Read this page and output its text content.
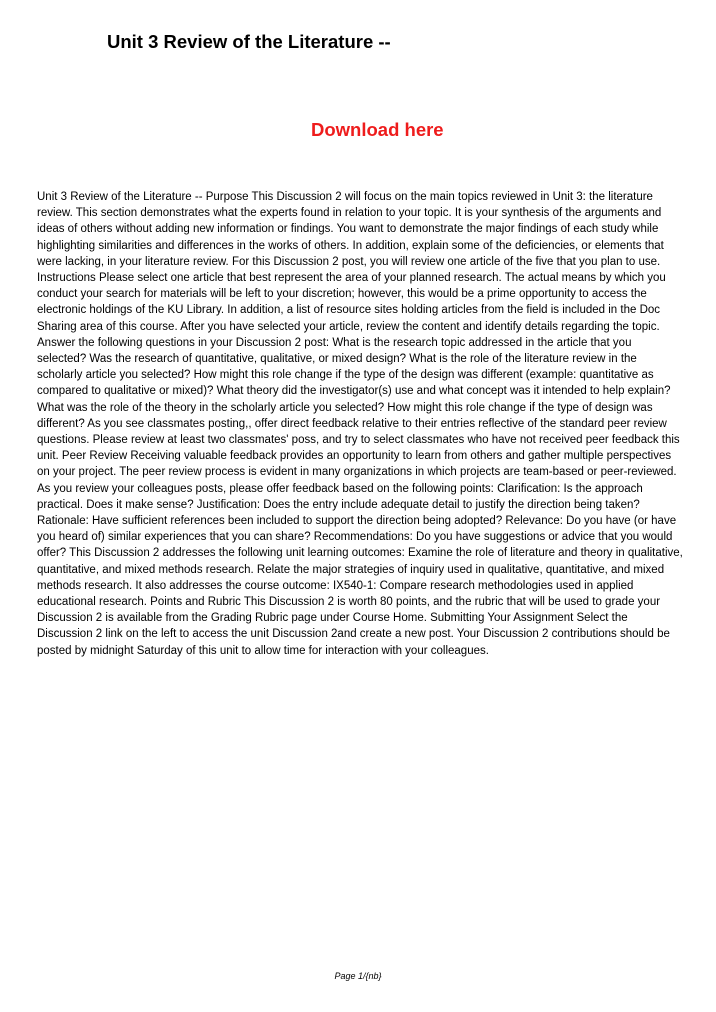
Unit 3 Review of the Literature --
Download here

Unit 3 Review of the Literature -- Purpose This Discussion 2 will focus on the main topics reviewed in Unit 3: the literature review. This section demonstrates what the experts found in relation to your topic. It is your synthesis of the arguments and ideas of others without adding new information or findings. You want to demonstrate the major findings of each study while highlighting similarities and differences in the works of others. In addition, explain some of the deficiencies, or elements that were lacking, in your literature review. For this Discussion 2 post, you will review one article of the five that you plan to use. Instructions Please select one article that best represent the area of your planned research. The actual means by which you conduct your search for materials will be left to your discretion; however, this would be a prime opportunity to access the electronic holdings of the KU Library. In addition, a list of resource sites holding articles from the field is included in the Doc Sharing area of this course. After you have selected your article, review the content and identify details regarding the topic. Answer the following questions in your Discussion 2 post: What is the research topic addressed in the article that you selected? Was the research of quantitative, qualitative, or mixed design? What is the role of the literature review in the scholarly article you selected? How might this role change if the type of the design was different (example: quantitative as compared to qualitative or mixed)? What theory did the investigator(s) use and what concept was it intended to help explain? What was the role of the theory in the scholarly article you selected? How might this role change if the type of design was different? As you see classmates posting,, offer direct feedback relative to their entries reflective of the standard peer review questions. Please review at least two classmates' poss, and try to select classmates who have not received peer feedback this unit. Peer Review Receiving valuable feedback provides an opportunity to learn from others and gather multiple perspectives on your project. The peer review process is evident in many organizations in which projects are team-based or peer-reviewed. As you review your colleagues posts, please offer feedback based on the following points: Clarification: Is the approach practical. Does it make sense? Justification: Does the entry include adequate detail to justify the direction being taken? Rationale: Have sufficient references been included to support the direction being adopted? Relevance: Do you have (or have you heard of) similar experiences that you can share? Recommendations: Do you have suggestions or advice that you would offer? This Discussion 2 addresses the following unit learning outcomes: Examine the role of literature and theory in qualitative, quantitative, and mixed methods research. Relate the major strategies of inquiry used in qualitative, quantitative, and mixed methods research. It also addresses the course outcome: IX540-1: Compare research methodologies used in applied educational research. Points and Rubric This Discussion 2 is worth 80 points, and the rubric that will be used to grade your Discussion 2 is available from the Grading Rubric page under Course Home. Submitting Your Assignment Select the Discussion 2 link on the left to access the unit Discussion 2and create a new post. Your Discussion 2 contributions should be posted by midnight Saturday of this unit to allow time for interaction with your colleagues.

Page 1/{nb}
